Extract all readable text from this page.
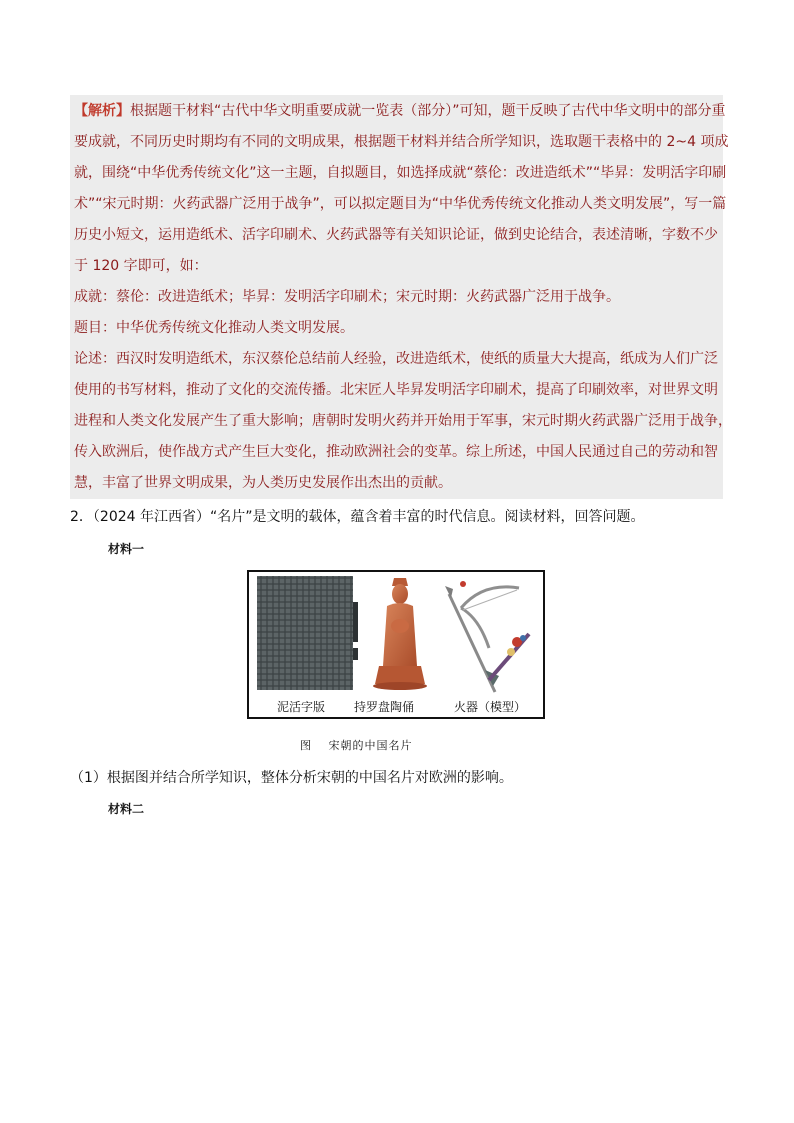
【解析】根据题干材料“古代中华文明重要成就一览表（部分）”可知，题干反映了古代中华文明中的部分重
要成就，不同历史时期均有不同的文明成果，根据题干材料并结合所学知识，选取题干表格中的 2~4 项成
就，围绕“中华优秀传统文化”这一主题，自拟题目，如选择成就“蔡伦：改进造纸术”“毕昇：发明活字印刷
术”“宋元时期：火药武器广泛用于战争”，可以拟定题目为“中华优秀传统文化推动人类文明发展”，写一篇
历史小短文，运用造纸术、活字印刷术、火药武器等有关知识论证，做到史论结合，表述清晰，字数不少
于 120 字即可，如：
成就：蔡伦：改进造纸术；毕昇：发明活字印刷术；宋元时期：火药武器广泛用于战争。
题目：中华优秀传统文化推动人类文明发展。
论述：西汉时发明造纸术，东汉蔡伦总结前人经验，改进造纸术，使纸的质量大大提高，纸成为人们广泛
使用的书写材料，推动了文化的交流传播。北宋匠人毕昇发明活字印刷术，提高了印刷效率，对世界文明
进程和人类文化发展产生了重大影响；唐朝时发明火药并开始用于军事，宋元时期火药武器广泛用于战争，
传入欧洲后，使作战方式产生巨大变化，推动欧洲社会的变革。综上所述，中国人民通过自己的劳动和智
慧，丰富了世界文明成果，为人类历史发展作出杰出的贡献。
2．（2024 年江西省）“名片”是文明的载体，蕴含着丰富的时代信息。阅读材料，回答问题。
材料一
泥活字版 持罗盘陶俑	火器（模型）
图　 宋朝的中国名片
（1）根据图并结合所学知识，整体分析宋朝的中国名片对欧洲的影响。
材料二
